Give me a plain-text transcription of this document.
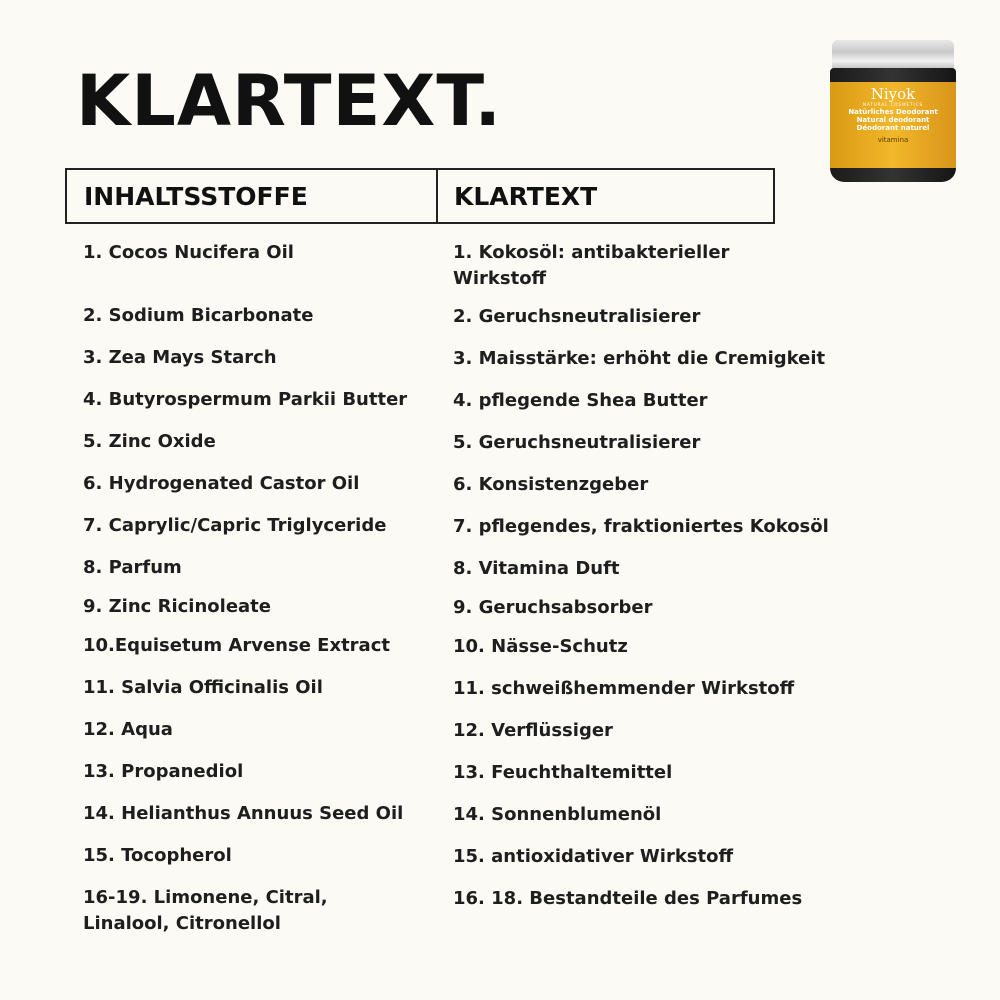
KLARTEXT.	Niyok
NATURAL COSMETICS
Natürliches Deodorant
Natural deodorant
Déodorant naturel
vitamina
INHALTSSTOFFE	KLARTEXT
1. Cocos Nucifera Oil
2. Sodium Bicarbonate
3. Zea Mays Starch
4. Butyrospermum Parkii Butter
5. Zinc Oxide
6. Hydrogenated Castor Oil
7. Caprylic/Capric Triglyceride
8. Parfum
9. Zinc Ricinoleate
10.Equisetum Arvense Extract
11. Salvia Officinalis Oil
12. Aqua
13. Propanediol
14. Helianthus Annuus Seed Oil
15. Tocopherol
16-19. Limonene, Citral, Linalool, Citronellol
1. Kokosöl: antibakterieller Wirkstoff
2. Geruchsneutralisierer
3. Maisstärke: erhöht die Cremigkeit
4. pflegende Shea Butter
5. Geruchsneutralisierer
6. Konsistenzgeber
7. pflegendes, fraktioniertes Kokosöl
8. Vitamina Duft
9. Geruchsabsorber
10. Nässe-Schutz
11. schweißhemmender Wirkstoff
12. Verflüssiger
13. Feuchthaltemittel
14. Sonnenblumenöl
15. antioxidativer Wirkstoff
16. 18. Bestandteile des Parfumes
